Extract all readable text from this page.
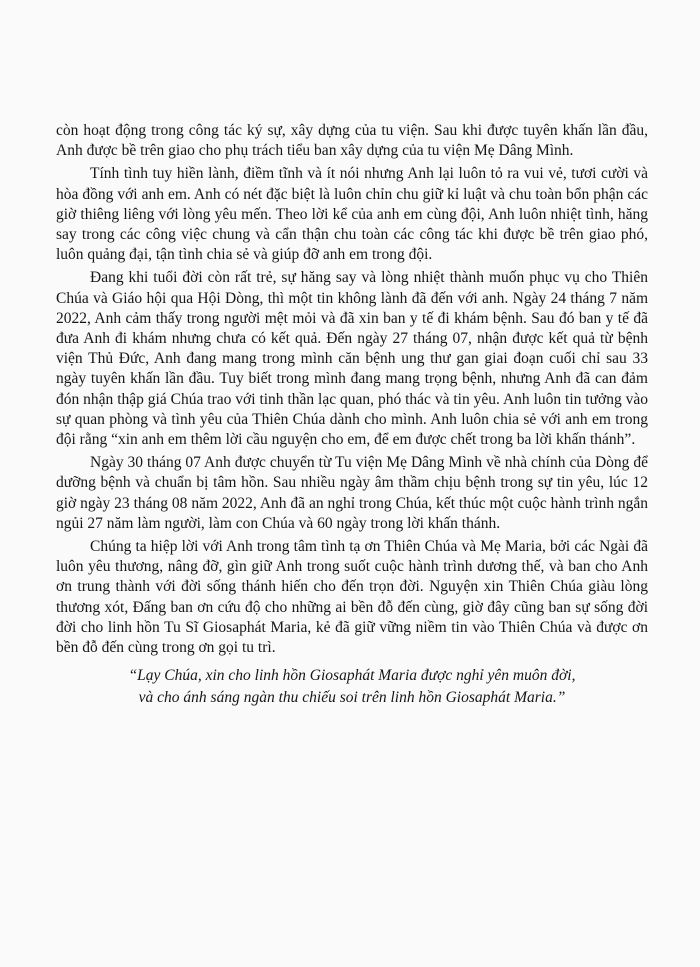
còn hoạt động trong công tác ký sự, xây dựng của tu viện. Sau khi được tuyên khấn lần đầu, Anh được bề trên giao cho phụ trách tiểu ban xây dựng của tu viện Mẹ Dâng Mình.

Tính tình tuy hiền lành, điềm tĩnh và ít nói nhưng Anh lại luôn tỏ ra vui vẻ, tươi cười và hòa đồng với anh em. Anh có nét đặc biệt là luôn chỉn chu giữ kỉ luật và chu toàn bổn phận các giờ thiêng liêng với lòng yêu mến. Theo lời kể của anh em cùng đội, Anh luôn nhiệt tình, hăng say trong các công việc chung và cẩn thận chu toàn các công tác khi được bề trên giao phó, luôn quảng đại, tận tình chia sẻ và giúp đỡ anh em trong đội.

Đang khi tuổi đời còn rất trẻ, sự hăng say và lòng nhiệt thành muốn phục vụ cho Thiên Chúa và Giáo hội qua Hội Dòng, thì một tin không lành đã đến với anh. Ngày 24 tháng 7 năm 2022, Anh cảm thấy trong người mệt mỏi và đã xin ban y tế đi khám bệnh. Sau đó ban y tế đã đưa Anh đi khám nhưng chưa có kết quả. Đến ngày 27 tháng 07, nhận được kết quả từ bệnh viện Thủ Đức, Anh đang mang trong mình căn bệnh ung thư gan giai đoạn cuối chỉ sau 33 ngày tuyên khấn lần đầu. Tuy biết trong mình đang mang trọng bệnh, nhưng Anh đã can đảm đón nhận thập giá Chúa trao với tinh thần lạc quan, phó thác và tin yêu. Anh luôn tin tưởng vào sự quan phòng và tình yêu của Thiên Chúa dành cho mình. Anh luôn chia sẻ với anh em trong đội rằng “xin anh em thêm lời cầu nguyện cho em, để em được chết trong ba lời khấn thánh”.

Ngày 30 tháng 07 Anh được chuyển từ Tu viện Mẹ Dâng Mình về nhà chính của Dòng để dưỡng bệnh và chuẩn bị tâm hồn. Sau nhiều ngày âm thầm chịu bệnh trong sự tin yêu, lúc 12 giờ ngày 23 tháng 08 năm 2022, Anh đã an nghỉ trong Chúa, kết thúc một cuộc hành trình ngắn ngủi 27 năm làm người, làm con Chúa và 60 ngày trong lời khấn thánh.

Chúng ta hiệp lời với Anh trong tâm tình tạ ơn Thiên Chúa và Mẹ Maria, bởi các Ngài đã luôn yêu thương, nâng đỡ, gìn giữ Anh trong suốt cuộc hành trình dương thế, và ban cho Anh ơn trung thành với đời sống thánh hiến cho đến trọn đời. Nguyện xin Thiên Chúa giàu lòng thương xót, Đấng ban ơn cứu độ cho những ai bền đỗ đến cùng, giờ đây cũng ban sự sống đời đời cho linh hồn Tu Sĩ Giosaphát Maria, kẻ đã giữ vững niềm tin vào Thiên Chúa và được ơn bền đỗ đến cùng trong ơn gọi tu trì.

“Lạy Chúa, xin cho linh hồn Giosaphát Maria được nghỉ yên muôn đời,
và cho ánh sáng ngàn thu chiếu soi trên linh hồn Giosaphát Maria.”
